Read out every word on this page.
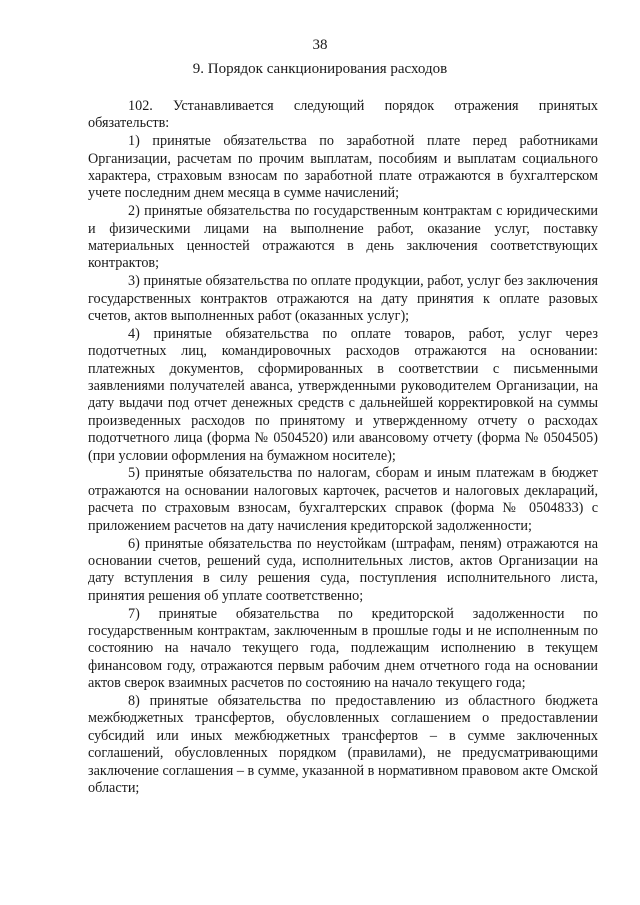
38
9. Порядок санкционирования расходов

102. Устанавливается следующий порядок отражения принятых обязательств:

1) принятые обязательства по заработной плате перед работниками Организации, расчетам по прочим выплатам, пособиям и выплатам социального характера, страховым взносам по заработной плате отражаются в бухгалтерском учете последним днем месяца в сумме начислений;

2) принятые обязательства по государственным контрактам с юридическими и физическими лицами на выполнение работ, оказание услуг, поставку материальных ценностей отражаются в день заключения соответствующих контрактов;

3) принятые обязательства по оплате продукции, работ, услуг без заключения государственных контрактов отражаются на дату принятия к оплате разовых счетов, актов выполненных работ (оказанных услуг);

4) принятые обязательства по оплате товаров, работ, услуг через подотчетных лиц, командировочных расходов отражаются на основании: платежных документов, сформированных в соответствии с письменными заявлениями получателей аванса, утвержденными руководителем Организации, на дату выдачи под отчет денежных средств с дальнейшей корректировкой на суммы произведенных расходов по принятому и утвержденному отчету о расходах подотчетного лица (форма № 0504520) или авансовому отчету (форма № 0504505) (при условии оформления на бумажном носителе);

5) принятые обязательства по налогам, сборам и иным платежам в бюджет отражаются на основании налоговых карточек, расчетов и налоговых деклараций, расчета по страховым взносам, бухгалтерских справок (форма № 0504833) с приложением расчетов на дату начисления кредиторской задолженности;

6) принятые обязательства по неустойкам (штрафам, пеням) отражаются на основании счетов, решений суда, исполнительных листов, актов Организации на дату вступления в силу решения суда, поступления исполнительного листа, принятия решения об уплате соответственно;

7) принятые обязательства по кредиторской задолженности по государственным контрактам, заключенным в прошлые годы и не исполненным по состоянию на начало текущего года, подлежащим исполнению в текущем финансовом году, отражаются первым рабочим днем отчетного года на основании актов сверок взаимных расчетов по состоянию на начало текущего года;

8) принятые обязательства по предоставлению из областного бюджета межбюджетных трансфертов, обусловленных соглашением о предоставлении субсидий или иных межбюджетных трансфертов – в сумме заключенных соглашений, обусловленных порядком (правилами), не предусматривающими заключение соглашения – в сумме, указанной в нормативном правовом акте Омской области;
